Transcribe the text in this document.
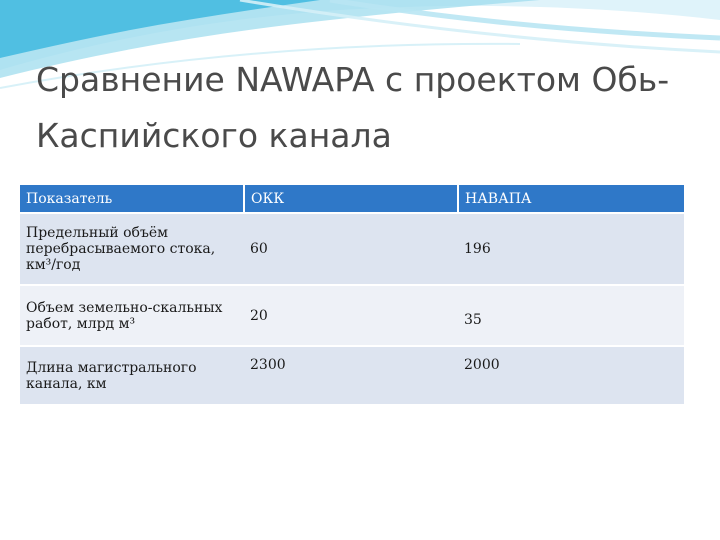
Сравнение NAWAPA с проектом Обь-Каспийского канала
Показатель	ОКК	НАВАПА
Предельный объём перебрасываемого стока, км³/год	60	196
Объем земельно-скальных работ, млрд м³	20	35
Длина магистрального канала, км	2300	2000
